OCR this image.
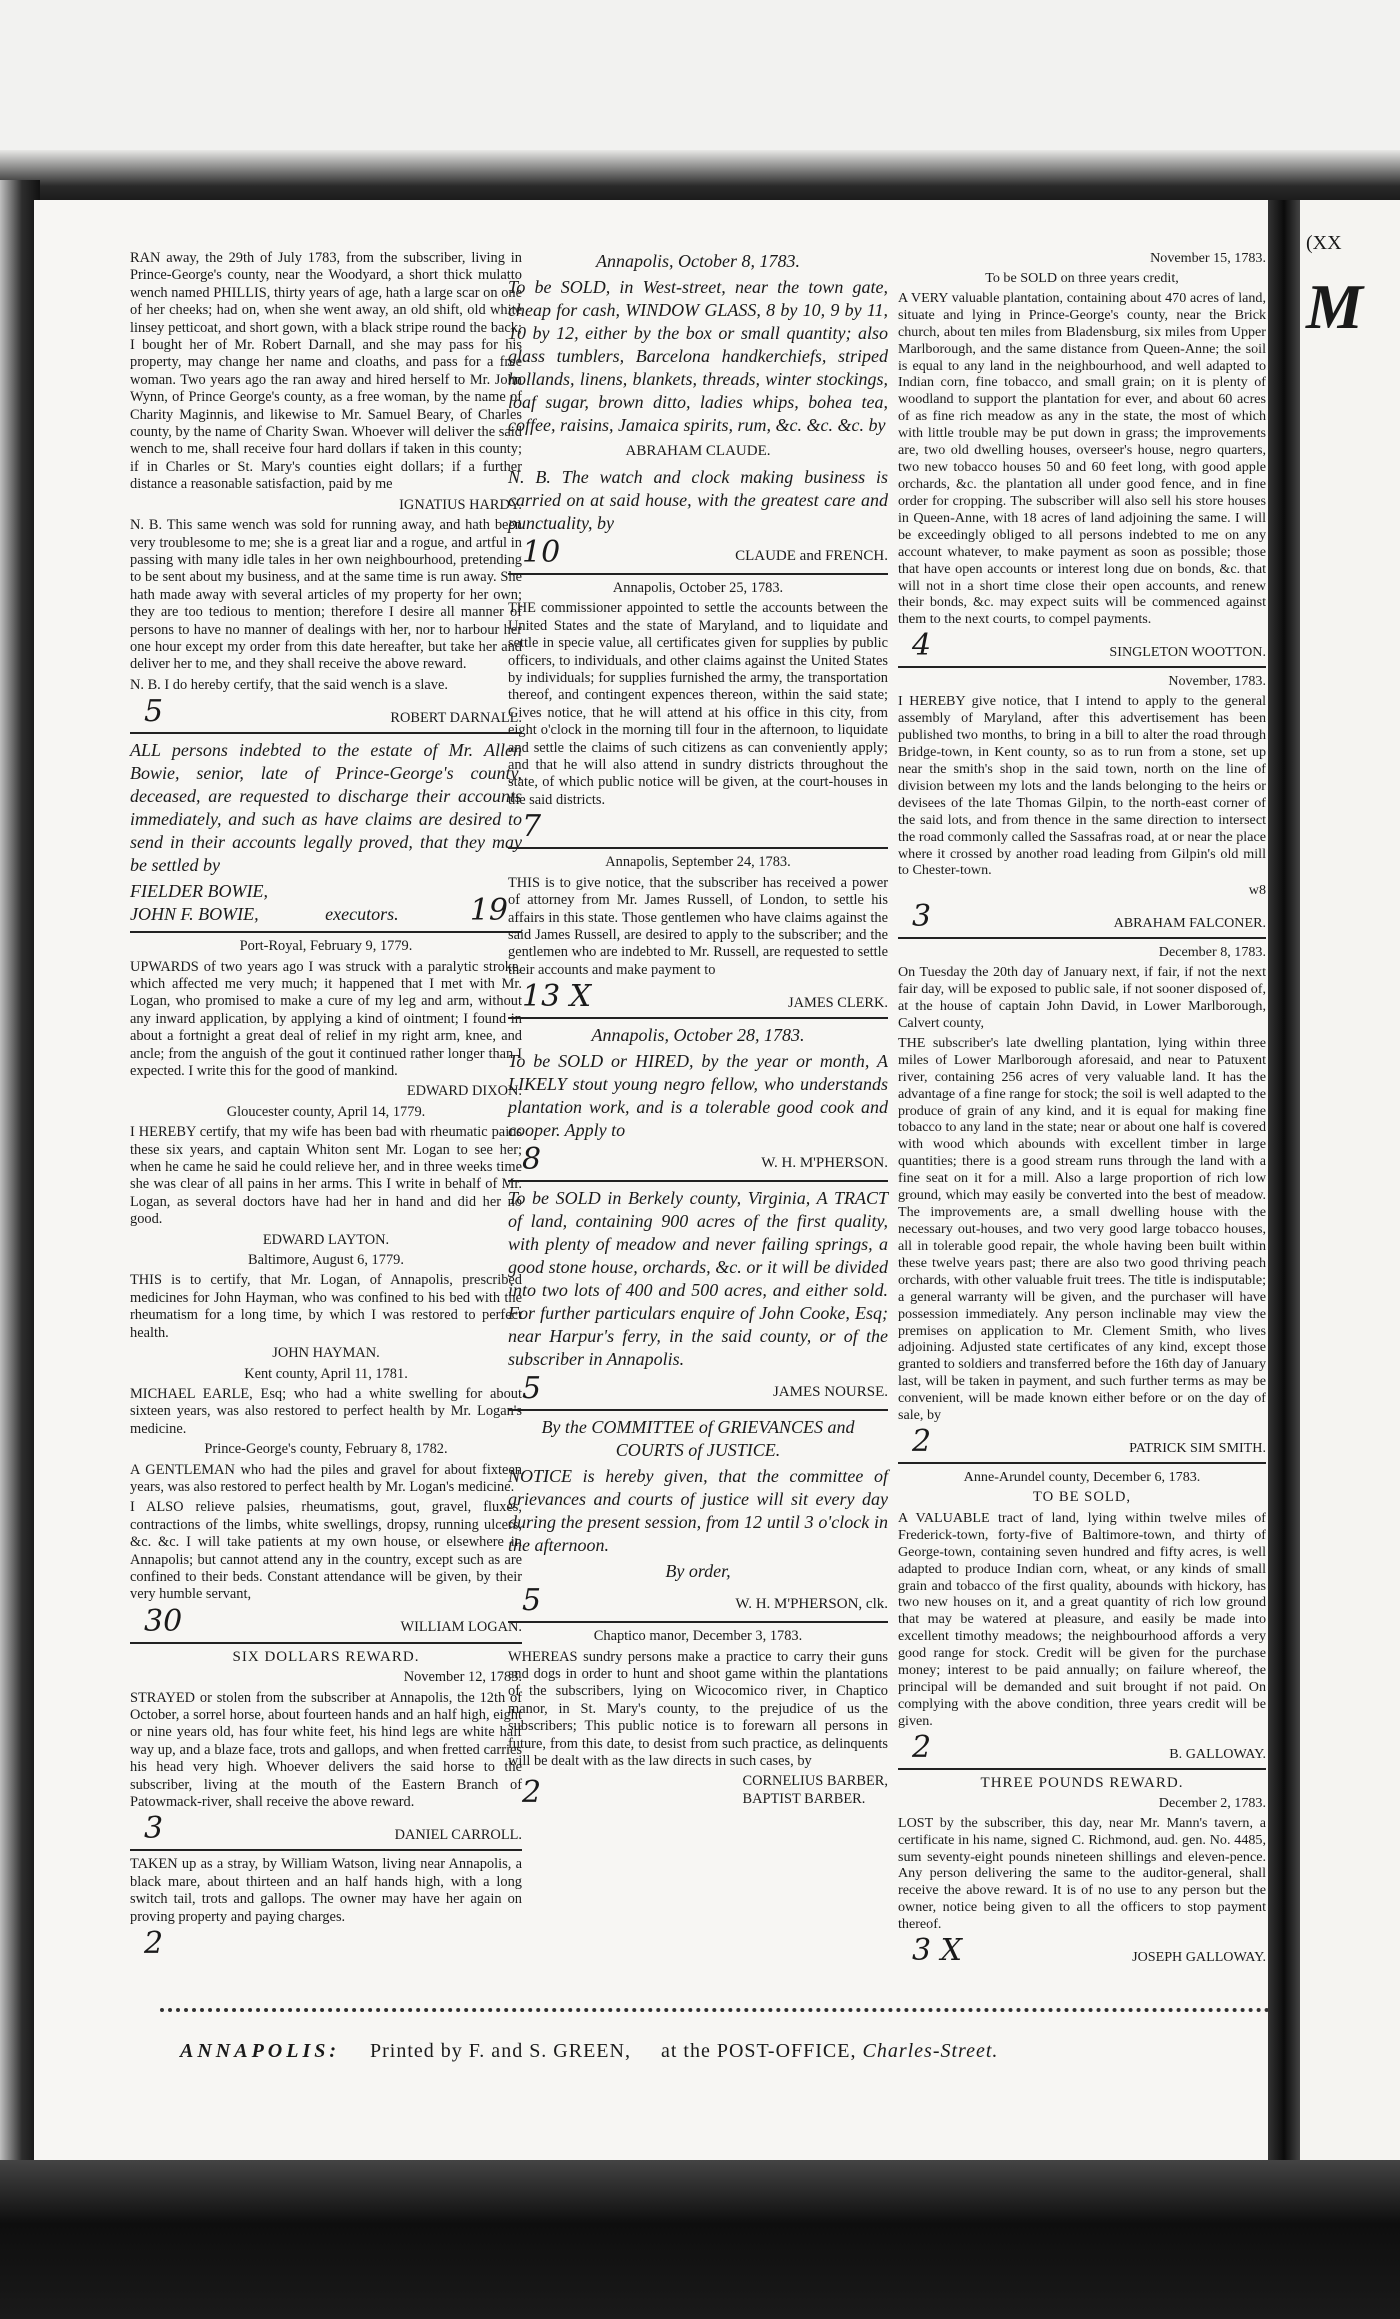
RAN away, the 29th of July 1783, from the subscriber, living in Prince-George's county, near the Woodyard, a short thick mulatto wench named PHILLIS, thirty years of age, hath a large scar on one of her cheeks; had on, when she went away, an old shift, old white linsey petticoat, and short gown, with a black stripe round the back; I bought her of Mr. Robert Darnall, and she may pass for his property, may change her name and cloaths, and pass for a free woman. Two years ago the ran away and hired herself to Mr. John Wynn, of Prince George's county, as a free woman, by the name of Charity Maginnis, and likewise to Mr. Samuel Beary, of Charles county, by the name of Charity Swan. Whoever will deliver the said wench to me, shall receive four hard dollars if taken in this county; if in Charles or St. Mary's counties eight dollars; if a further distance a reasonable satisfaction, paid by me

IGNATIUS HARDY.

N. B. This same wench was sold for running away, and hath been very troublesome to me; she is a great liar and a rogue, and artful in passing with many idle tales in her own neighbourhood, pretending to be sent about my business, and at the same time is run away. She hath made away with several articles of my property for her own; they are too tedious to mention; therefore I desire all manner of persons to have no manner of dealings with her, nor to harbour her one hour except my order from this date hereafter, but take her and deliver her to me, and they shall receive the above reward.

N. B. I do hereby certify, that the said wench is a slave.

5	ROBERT DARNALL.

ALL persons indebted to the estate of Mr. Allen Bowie, senior, late of Prince-George's county, deceased, are requested to discharge their accounts immediately, and such as have claims are desired to send in their accounts legally proved, that they may be settled by

FIELDER BOWIE,
JOHN F. BOWIE,	executors. 19

Port-Royal, February 9, 1779.

UPWARDS of two years ago I was struck with a paralytic stroke, which affected me very much; it happened that I met with Mr. Logan, who promised to make a cure of my leg and arm, without any inward application, by applying a kind of ointment; I found in about a fortnight a great deal of relief in my right arm, knee, and ancle; from the anguish of the gout it continued rather longer than I expected. I write this for the good of mankind.

EDWARD DIXON.

Gloucester county, April 14, 1779.

I HEREBY certify, that my wife has been bad with rheumatic pains these six years, and captain Whiton sent Mr. Logan to see her; when he came he said he could relieve her, and in three weeks time she was clear of all pains in her arms. This I write in behalf of Mr. Logan, as several doctors have had her in hand and did her no good.

EDWARD LAYTON.

Baltimore, August 6, 1779.

THIS is to certify, that Mr. Logan, of Annapolis, prescribed medicines for John Hayman, who was confined to his bed with the rheumatism for a long time, by which I was restored to perfect health.

JOHN HAYMAN.

Kent county, April 11, 1781.

MICHAEL EARLE, Esq; who had a white swelling for about sixteen years, was also restored to perfect health by Mr. Logan's medicine.

Prince-George's county, February 8, 1782.

A GENTLEMAN who had the piles and gravel for about fixteen years, was also restored to perfect health by Mr. Logan's medicine.

I ALSO relieve palsies, rheumatisms, gout, gravel, fluxes, contractions of the limbs, white swellings, dropsy, running ulcers, &c. &c. I will take patients at my own house, or elsewhere in Annapolis; but cannot attend any in the country, except such as are confined to their beds. Constant attendance will be given, by their very humble servant,

30	WILLIAM LOGAN.

SIX DOLLARS REWARD.

November 12, 1783.

STRAYED or stolen from the subscriber at Annapolis, the 12th of October, a sorrel horse, about fourteen hands and an half high, eight or nine years old, has four white feet, his hind legs are white half way up, and a blaze face, trots and gallops, and when fretted carries his head very high. Whoever delivers the said horse to the subscriber, living at the mouth of the Eastern Branch of Patowmack-river, shall receive the above reward.

3	DANIEL CARROLL.

TAKEN up as a stray, by William Watson, living near Annapolis, a black mare, about thirteen and an half hands high, with a long switch tail, trots and gallops. The owner may have her again on proving property and paying charges.

2

Annapolis, October 8, 1783.

To be SOLD, in West-street, near the town gate, cheap for cash, WINDOW GLASS, 8 by 10, 9 by 11, 10 by 12, either by the box or small quantity; also glass tumblers, Barcelona handkerchiefs, striped hollands, linens, blankets, threads, winter stockings, loaf sugar, brown ditto, ladies whips, bohea tea, coffee, raisins, Jamaica spirits, rum, &c. &c. &c. by

ABRAHAM CLAUDE.

N. B. The watch and clock making business is carried on at said house, with the greatest care and punctuality, by

10	CLAUDE and FRENCH.

Annapolis, October 25, 1783.

THE commissioner appointed to settle the accounts between the United States and the state of Maryland, and to liquidate and settle in specie value, all certificates given for supplies by public officers, to individuals, and other claims against the United States by individuals; for supplies furnished the army, the transportation thereof, and contingent expences thereon, within the said state; Gives notice, that he will attend at his office in this city, from eight o'clock in the morning till four in the afternoon, to liquidate and settle the claims of such citizens as can conveniently apply; and that he will also attend in sundry districts throughout the state, of which public notice will be given, at the court-houses in the said districts.

7

Annapolis, September 24, 1783.

THIS is to give notice, that the subscriber has received a power of attorney from Mr. James Russell, of London, to settle his affairs in this state. Those gentlemen who have claims against the said James Russell, are desired to apply to the subscriber; and the gentlemen who are indebted to Mr. Russell, are requested to settle their accounts and make payment to

13 X	JAMES CLERK.

Annapolis, October 28, 1783.

To be SOLD or HIRED, by the year or month, A LIKELY stout young negro fellow, who understands plantation work, and is a tolerable good cook and cooper. Apply to

8	W. H. M'PHERSON.

To be SOLD in Berkely county, Virginia, A TRACT of land, containing 900 acres of the first quality, with plenty of meadow and never failing springs, a good stone house, orchards, &c. or it will be divided into two lots of 400 and 500 acres, and either sold. For further particulars enquire of John Cooke, Esq; near Harpur's ferry, in the said county, or of the subscriber in Annapolis.

5	JAMES NOURSE.

By the COMMITTEE of GRIEVANCES and COURTS of JUSTICE.

NOTICE is hereby given, that the committee of grievances and courts of justice will sit every day during the present session, from 12 until 3 o'clock in the afternoon.

By order,

5	W. H. M'PHERSON, clk.

Chaptico manor, December 3, 1783.

WHEREAS sundry persons make a practice to carry their guns and dogs in order to hunt and shoot game within the plantations of the subscribers, lying on Wicocomico river, in Chaptico manor, in St. Mary's county, to the prejudice of us the subscribers; This public notice is to forewarn all persons in future, from this date, to desist from such practice, as delinquents will be dealt with as the law directs in such cases, by

2	CORNELIUS BARBER,
BAPTIST BARBER.

November 15, 1783.

To be SOLD on three years credit,

A VERY valuable plantation, containing about 470 acres of land, situate and lying in Prince-George's county, near the Brick church, about ten miles from Bladensburg, six miles from Upper Marlborough, and the same distance from Queen-Anne; the soil is equal to any land in the neighbourhood, and well adapted to Indian corn, fine tobacco, and small grain; on it is plenty of woodland to support the plantation for ever, and about 60 acres of as fine rich meadow as any in the state, the most of which with little trouble may be put down in grass; the improvements are, two old dwelling houses, overseer's house, negro quarters, two new tobacco houses 50 and 60 feet long, with good apple orchards, &c. the plantation all under good fence, and in fine order for cropping. The subscriber will also sell his store houses in Queen-Anne, with 18 acres of land adjoining the same. I will be exceedingly obliged to all persons indebted to me on any account whatever, to make payment as soon as possible; those that have open accounts or interest long due on bonds, &c. that will not in a short time close their open accounts, and renew their bonds, &c. may expect suits will be commenced against them to the next courts, to compel payments.

4	SINGLETON WOOTTON.

November, 1783.

I HEREBY give notice, that I intend to apply to the general assembly of Maryland, after this advertisement has been published two months, to bring in a bill to alter the road through Bridge-town, in Kent county, so as to run from a stone, set up near the smith's shop in the said town, north on the line of division between my lots and the lands belonging to the heirs or devisees of the late Thomas Gilpin, to the north-east corner of the said lots, and from thence in the same direction to intersect the road commonly called the Sassafras road, at or near the place where it crossed by another road leading from Gilpin's old mill to Chester-town.

w8

3	ABRAHAM FALCONER.

December 8, 1783.

On Tuesday the 20th day of January next, if fair, if not the next fair day, will be exposed to public sale, if not sooner disposed of, at the house of captain John David, in Lower Marlborough, Calvert county,

THE subscriber's late dwelling plantation, lying within three miles of Lower Marlborough aforesaid, and near to Patuxent river, containing 256 acres of very valuable land. It has the advantage of a fine range for stock; the soil is well adapted to the produce of grain of any kind, and it is equal for making fine tobacco to any land in the state; near or about one half is covered with wood which abounds with excellent timber in large quantities; there is a good stream runs through the land with a fine seat on it for a mill. Also a large proportion of rich low ground, which may easily be converted into the best of meadow. The improvements are, a small dwelling house with the necessary out-houses, and two very good large tobacco houses, all in tolerable good repair, the whole having been built within these twelve years past; there are also two good thriving peach orchards, with other valuable fruit trees. The title is indisputable; a general warranty will be given, and the purchaser will have possession immediately. Any person inclinable may view the premises on application to Mr. Clement Smith, who lives adjoining. Adjusted state certificates of any kind, except those granted to soldiers and transferred before the 16th day of January last, will be taken in payment, and such further terms as may be convenient, will be made known either before or on the day of sale, by

2	PATRICK SIM SMITH.

Anne-Arundel county, December 6, 1783.

TO BE SOLD,

A VALUABLE tract of land, lying within twelve miles of Frederick-town, forty-five of Baltimore-town, and thirty of George-town, containing seven hundred and fifty acres, is well adapted to produce Indian corn, wheat, or any kinds of small grain and tobacco of the first quality, abounds with hickory, has two new houses on it, and a great quantity of rich low ground that may be watered at pleasure, and easily be made into excellent timothy meadows; the neighbourhood affords a very good range for stock. Credit will be given for the purchase money; interest to be paid annually; on failure whereof, the principal will be demanded and suit brought if not paid. On complying with the above condition, three years credit will be given.

2	B. GALLOWAY.

THREE POUNDS REWARD.

December 2, 1783.

LOST by the subscriber, this day, near Mr. Mann's tavern, a certificate in his name, signed C. Richmond, aud. gen. No. 4485, sum seventy-eight pounds nineteen shillings and eleven-pence. Any person delivering the same to the auditor-general, shall receive the above reward. It is of no use to any person but the owner, notice being given to all the officers to stop payment thereof.

3 X	JOSEPH GALLOWAY.
ANNAPOLIS: Printed by F. and S. GREEN, at the POST-OFFICE, Charles-Street.
(XX
M
